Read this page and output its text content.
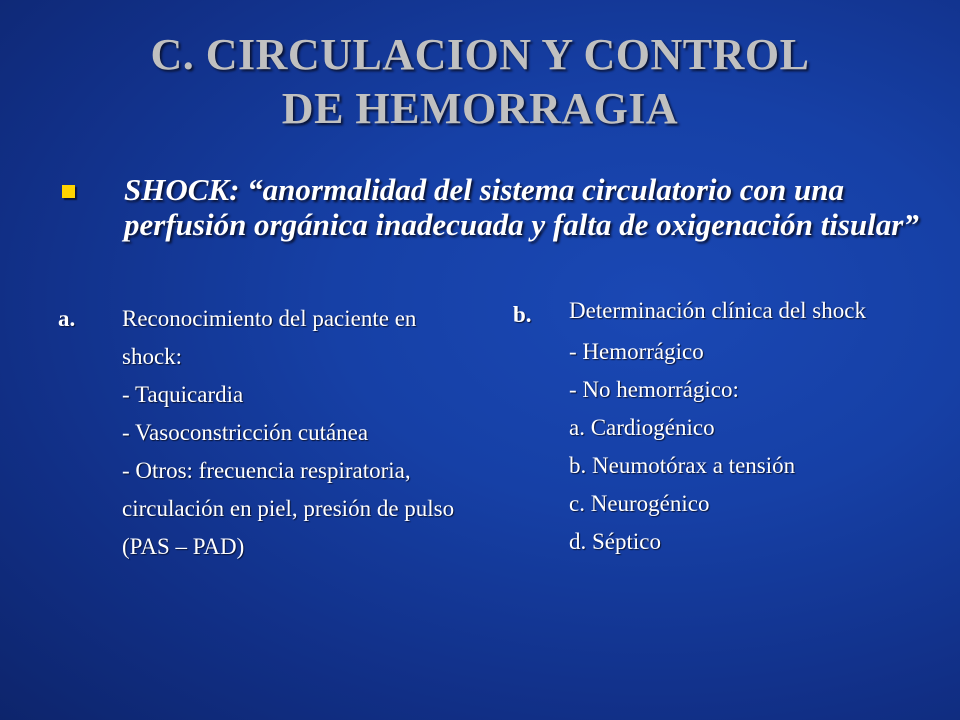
C. CIRCULACION Y CONTROL
DE HEMORRAGIA

SHOCK: “anormalidad del sistema circulatorio con una perfusión orgánica inadecuada y falta de oxigenación tisular”

a. Reconocimiento del paciente en
shock:
- Taquicardia
- Vasoconstricción cutánea
- Otros: frecuencia respiratoria,
circulación en piel, presión de pulso
(PAS – PAD)
b. Determinación clínica del shock
- Hemorrágico
- No hemorrágico:
a. Cardiogénico
b. Neumotórax a tensión
c. Neurogénico
d. Séptico
